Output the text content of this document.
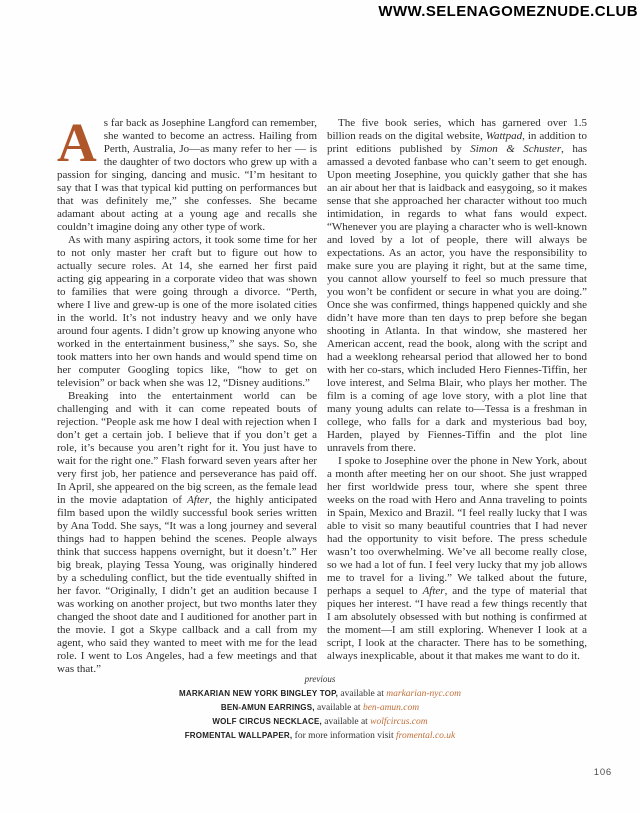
WWW.SELENAGOMEZNUDE.CLUB

As far back as Josephine Langford can remember, she wanted to become an actress. Hailing from Perth, Australia, Jo—as many refer to her — is the daughter of two doctors who grew up with a passion for singing, dancing and music. “I’m hesitant to say that I was that typical kid putting on performances but that was definitely me,” she confesses. She became adamant about acting at a young age and recalls she couldn’t imagine doing any other type of work.

As with many aspiring actors, it took some time for her to not only master her craft but to figure out how to actually secure roles. At 14, she earned her first paid acting gig appearing in a corporate video that was shown to families that were going through a divorce. “Perth, where I live and grew-up is one of the more isolated cities in the world. It’s not industry heavy and we only have around four agents. I didn’t grow up knowing anyone who worked in the entertainment business,” she says. So, she took matters into her own hands and would spend time on her computer Googling topics like, “how to get on television” or back when she was 12, “Disney auditions.”

Breaking into the entertainment world can be challenging and with it can come repeated bouts of rejection. “People ask me how I deal with rejection when I don’t get a certain job. I believe that if you don’t get a role, it’s because you aren’t right for it. You just have to wait for the right one.” Flash forward seven years after her very first job, her patience and perseverance has paid off. In April, she appeared on the big screen, as the female lead in the movie adaptation of After, the highly anticipated film based upon the wildly successful book series written by Ana Todd. She says, “It was a long journey and several things had to happen behind the scenes. People always think that success happens overnight, but it doesn’t.” Her big break, playing Tessa Young, was originally hindered by a scheduling conflict, but the tide eventually shifted in her favor. “Originally, I didn’t get an audition because I was working on another project, but two months later they changed the shoot date and I auditioned for another part in the movie. I got a Skype callback and a call from my agent, who said they wanted to meet with me for the lead role. I went to Los Angeles, had a few meetings and that was that.”

The five book series, which has garnered over 1.5 billion reads on the digital website, Wattpad, in addition to print editions published by Simon & Schuster, has amassed a devoted fanbase who can’t seem to get enough. Upon meeting Josephine, you quickly gather that she has an air about her that is laidback and easygoing, so it makes sense that she approached her character without too much intimidation, in regards to what fans would expect. “Whenever you are playing a character who is well-known and loved by a lot of people, there will always be expectations. As an actor, you have the responsibility to make sure you are playing it right, but at the same time, you cannot allow yourself to feel so much pressure that you won’t be confident or secure in what you are doing.” Once she was confirmed, things happened quickly and she didn’t have more than ten days to prep before she began shooting in Atlanta. In that window, she mastered her American accent, read the book, along with the script and had a weeklong rehearsal period that allowed her to bond with her co-stars, which included Hero Fiennes-Tiffin, her love interest, and Selma Blair, who plays her mother. The film is a coming of age love story, with a plot line that many young adults can relate to—Tessa is a freshman in college, who falls for a dark and mysterious bad boy, Harden, played by Fiennes-Tiffin and the plot line unravels from there.

I spoke to Josephine over the phone in New York, about a month after meeting her on our shoot. She just wrapped her first worldwide press tour, where she spent three weeks on the road with Hero and Anna traveling to points in Spain, Mexico and Brazil. “I feel really lucky that I was able to visit so many beautiful countries that I had never had the opportunity to visit before. The press schedule wasn’t too overwhelming. We’ve all become really close, so we had a lot of fun. I feel very lucky that my job allows me to travel for a living.” We talked about the future, perhaps a sequel to After, and the type of material that piques her interest. “I have read a few things recently that I am absolutely obsessed with but nothing is confirmed at the moment—I am still exploring. Whenever I look at a script, I look at the character. There has to be something, always inexplicable, about it that makes me want to do it.

previous
MARKARIAN NEW YORK BINGLEY TOP, available at markarian-nyc.com
BEN-AMUN EARRINGS, available at ben-amun.com
WOLF CIRCUS NECKLACE, available at wolfcircus.com
FROMENTAL WALLPAPER, for more information visit fromental.co.uk
106
